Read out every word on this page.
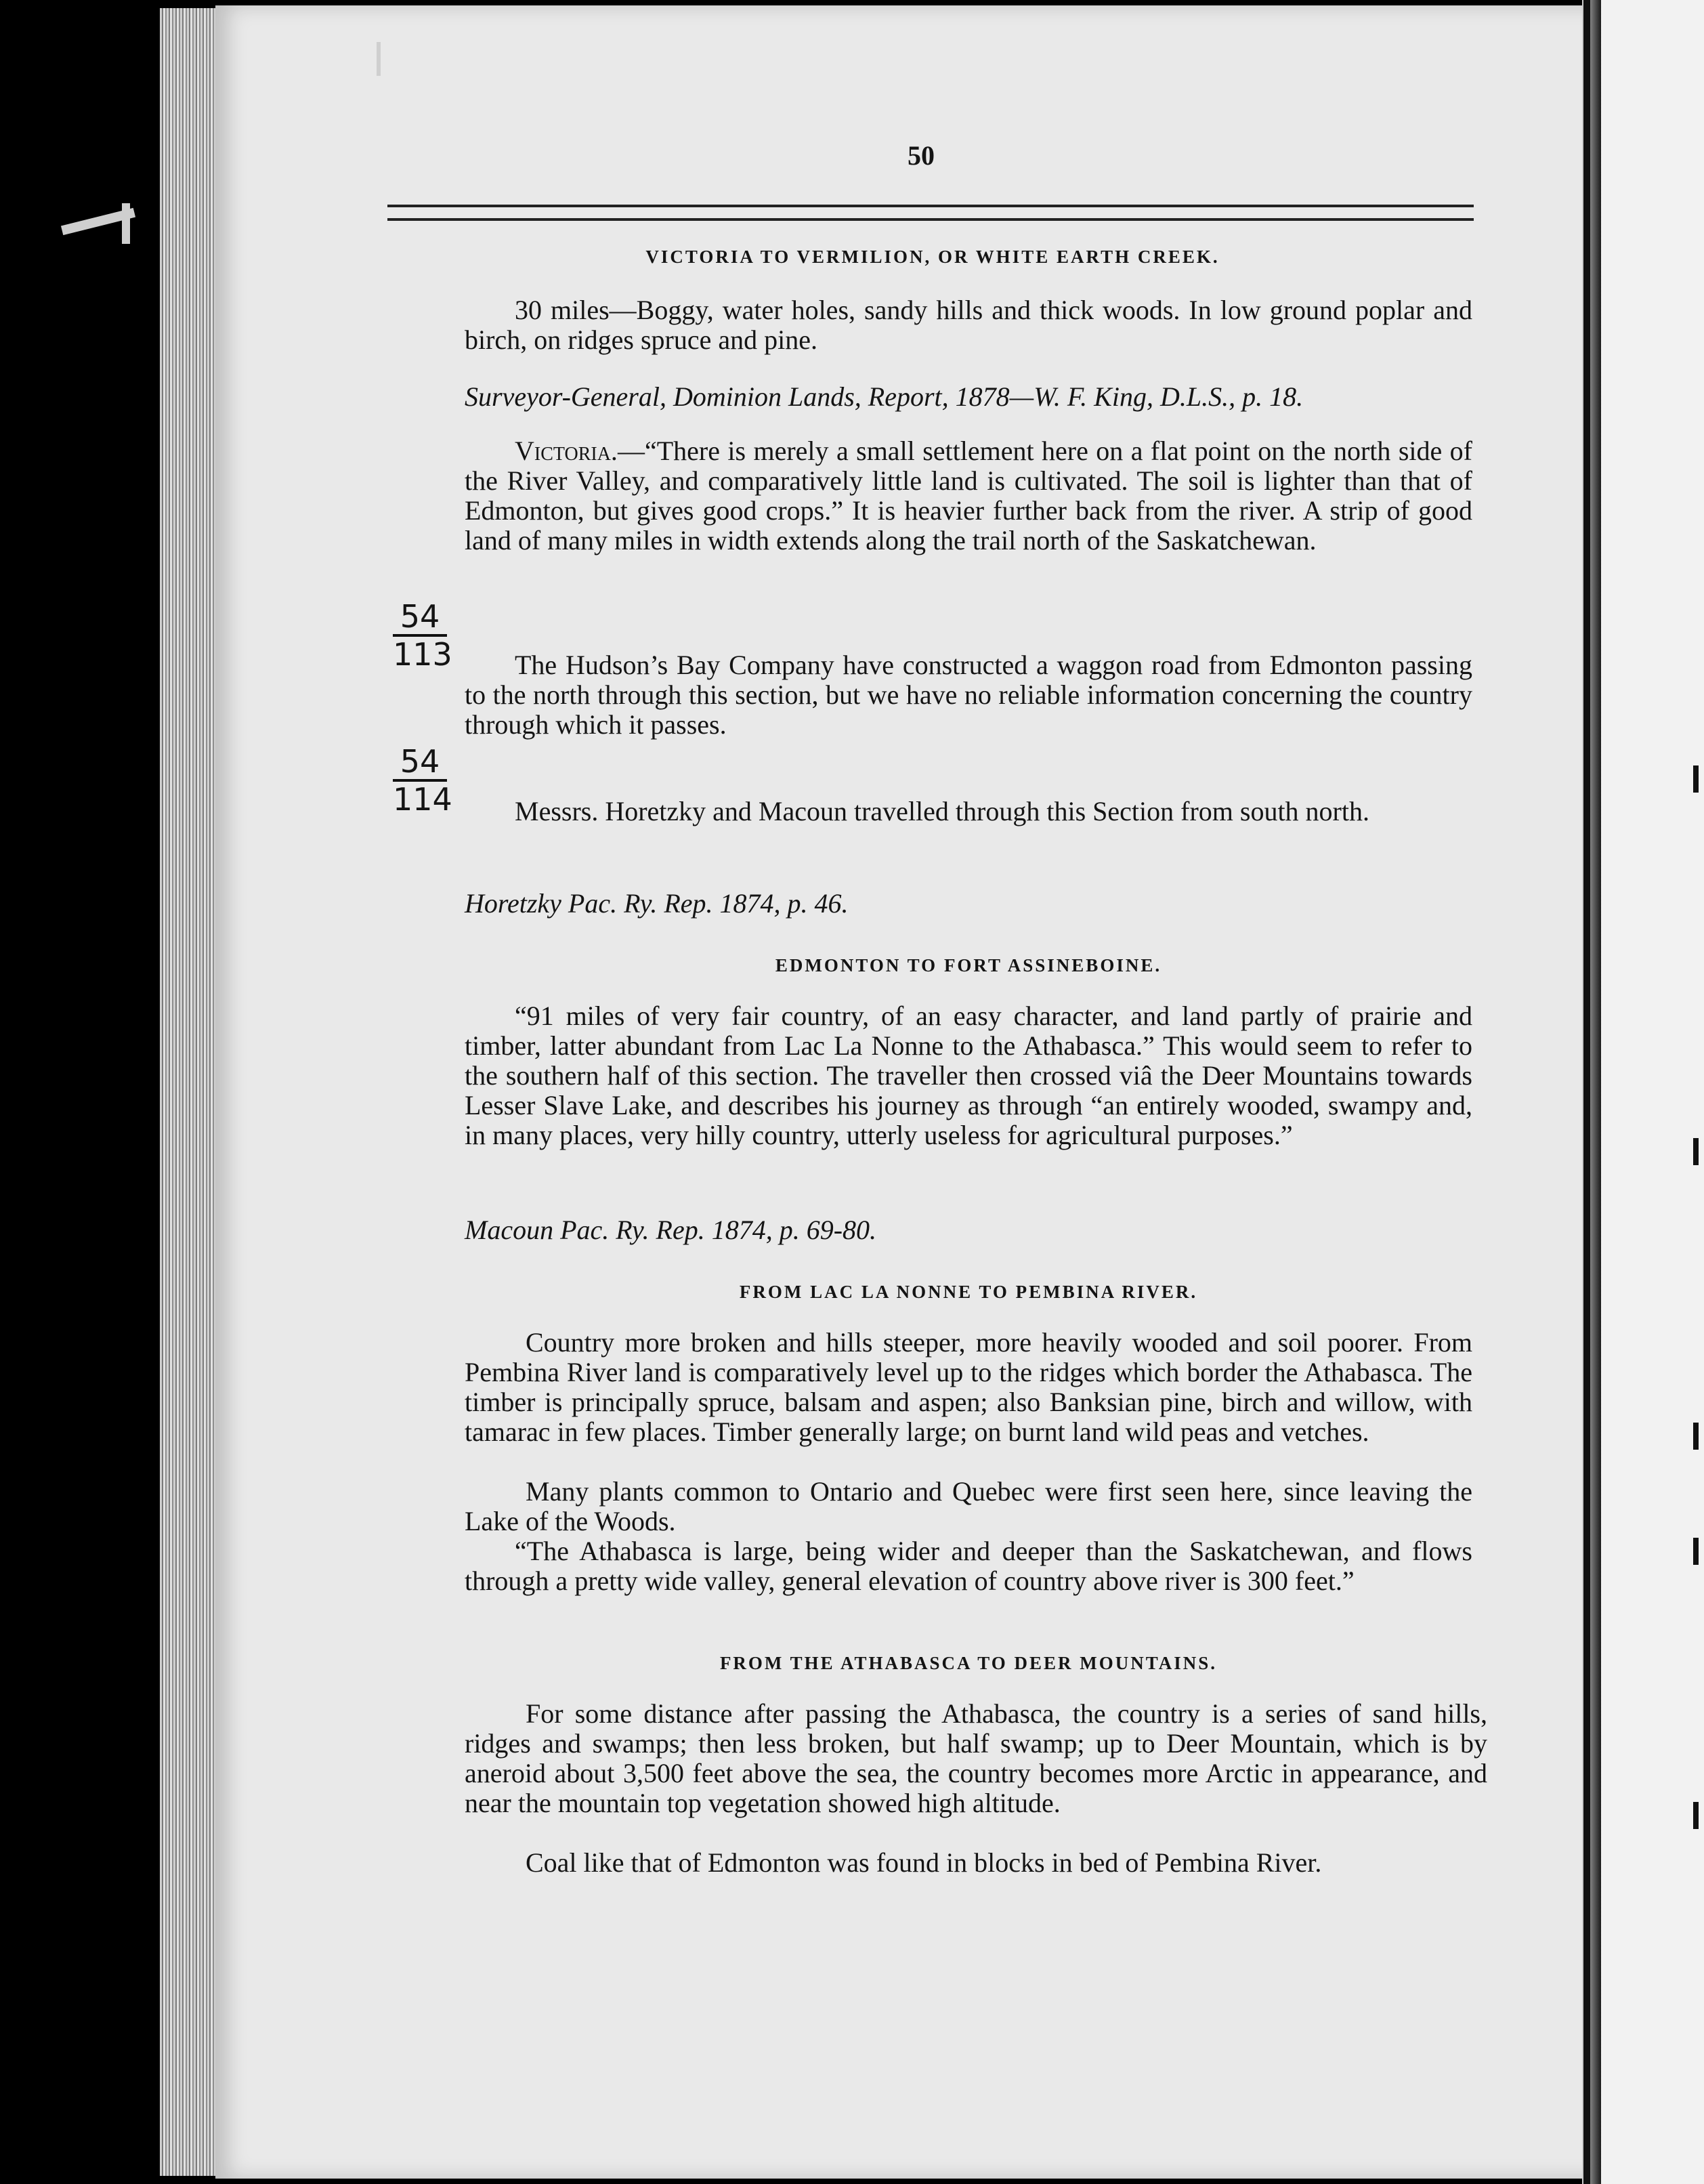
50

VICTORIA TO VERMILION, OR WHITE EARTH CREEK.

30 miles—Boggy, water holes, sandy hills and thick woods. In low ground poplar and birch, on ridges spruce and pine.

Surveyor-General, Dominion Lands, Report, 1878—W. F. King, D.L.S., p. 18.

Victoria.—“There is merely a small settlement here on a flat point on the north side of the River Valley, and comparatively little land is cultivated. The soil is lighter than that of Edmonton, but gives good crops.” It is heavier further back from the river. A strip of good land of many miles in width extends along the trail north of the Saskatchewan.

$\frac{54}{113}$	The Hudson’s Bay Company have constructed a waggon road from Edmonton passing to the north through this section, but we have no reliable information concerning the country through which it passes.

$\frac{54}{114}$	Messrs. Horetzky and Macoun travelled through this Section from south north.

Horetzky Pac. Ry. Rep. 1874, p. 46.

EDMONTON TO FORT ASSINEBOINE.

“91 miles of very fair country, of an easy character, and land partly of prairie and timber, latter abundant from Lac La Nonne to the Athabasca.” This would seem to refer to the southern half of this section. The traveller then crossed viâ the Deer Mountains towards Lesser Slave Lake, and describes his journey as through “an entirely wooded, swampy and, in many places, very hilly country, utterly useless for agricultural purposes.”

Macoun Pac. Ry. Rep. 1874, p. 69-80.

FROM LAC LA NONNE TO PEMBINA RIVER.

Country more broken and hills steeper, more heavily wooded and soil poorer. From Pembina River land is comparatively level up to the ridges which border the Athabasca. The timber is principally spruce, balsam and aspen; also Banksian pine, birch and willow, with tamarac in few places. Timber generally large; on burnt land wild peas and vetches.

Many plants common to Ontario and Quebec were first seen here, since leaving the Lake of the Woods.

“The Athabasca is large, being wider and deeper than the Saskatchewan, and flows through a pretty wide valley, general elevation of country above river is 300 feet.”

FROM THE ATHABASCA TO DEER MOUNTAINS.

For some distance after passing the Athabasca, the country is a series of sand hills, ridges and swamps; then less broken, but half swamp; up to Deer Mountain, which is by aneroid about 3,500 feet above the sea, the country becomes more Arctic in appearance, and near the mountain top vegetation showed high altitude.

Coal like that of Edmonton was found in blocks in bed of Pembina River.
